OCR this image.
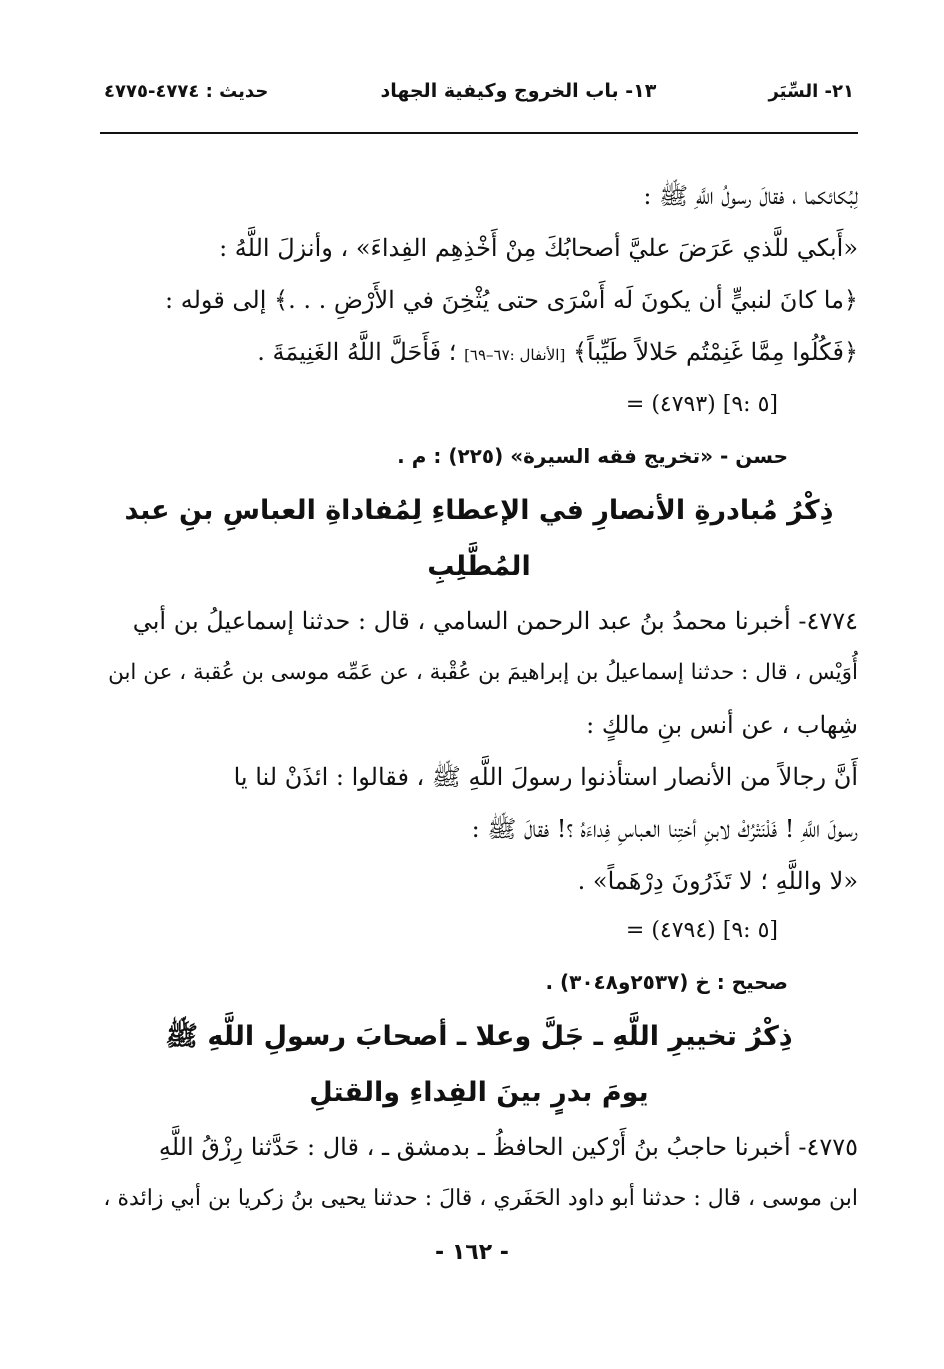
٢١- السِّيَر
١٣- باب الخروج وكيفية الجهاد
حديث : ٤٧٧٤-٤٧٧٥

لِبُكائكما ، فقالَ رسولُ اللَّهِ ﷺ :

«أَبكي للَّذي عَرَضَ عليَّ أصحابُكَ مِنْ أَخْذِهِم الفِداءَ» ، وأنزلَ اللَّهُ :

﴿ما كانَ لنبيٍّ أن يكونَ لَه أَسْرَى حتى يُثْخِنَ في الأَرْضِ . . .﴾ إلى قوله :

﴿فَكُلُوا مِمَّا غَنِمْتُم حَلالاً طَيِّباً﴾ [الأنفال :٦٧–٦٩] ؛ فَأَحَلَّ اللَّهُ الغَنِيمَةَ .

= (٤٧٩٣) [٥ :٩]

حسن - «تخريج فقه السيرة» (٢٢٥) : م .

ذِكْرُ مُبادرةِ الأنصارِ في الإعطاءِ لِمُفاداةِ العباسِ بنِ عبد

المُطَّلِبِ

٤٧٧٤- أخبرنا محمدُ بنُ عبد الرحمن السامي ، قال : حدثنا إسماعيلُ بن أبي

أُوَيْس ، قال : حدثنا إسماعيلُ بن إبراهيمَ بن عُقْبة ، عن عَمِّه موسى بن عُقبة ، عن ابن

شِهاب ، عن أنس بنِ مالكٍ :

أَنَّ رجالاً من الأنصار استأذنوا رسولَ اللَّهِ ﷺ ، فقالوا : ائذَنْ لنا يا

رسولَ اللَّهِ ! فَلْنَتْرُكْ لابنِ أختِنا العباسِ فِداءَهُ ؟! فقالَ ﷺ :

«لا واللَّهِ ؛ لا تَذَرُونَ دِرْهَماً» .

= (٤٧٩٤) [٥ :٩]

صحيح : خ (٢٥٣٧و٣٠٤٨) .

ذِكْرُ تخييرِ اللَّهِ ـ جَلَّ وعلا ـ أصحابَ رسولِ اللَّهِ ﷺ

يومَ بدرٍ بينَ الفِداءِ والقتلِ

٤٧٧٥- أخبرنا حاجبُ بنُ أَرْكين الحافظُ ـ بدمشق ـ ، قال : حَدَّثنا رِزْقُ اللَّهِ

ابن موسى ، قال : حدثنا أبو داود الحَفَري ، قالَ : حدثنا يحيى بنُ زكريا بن أبي زائدة ،

- ١٦٢ -
